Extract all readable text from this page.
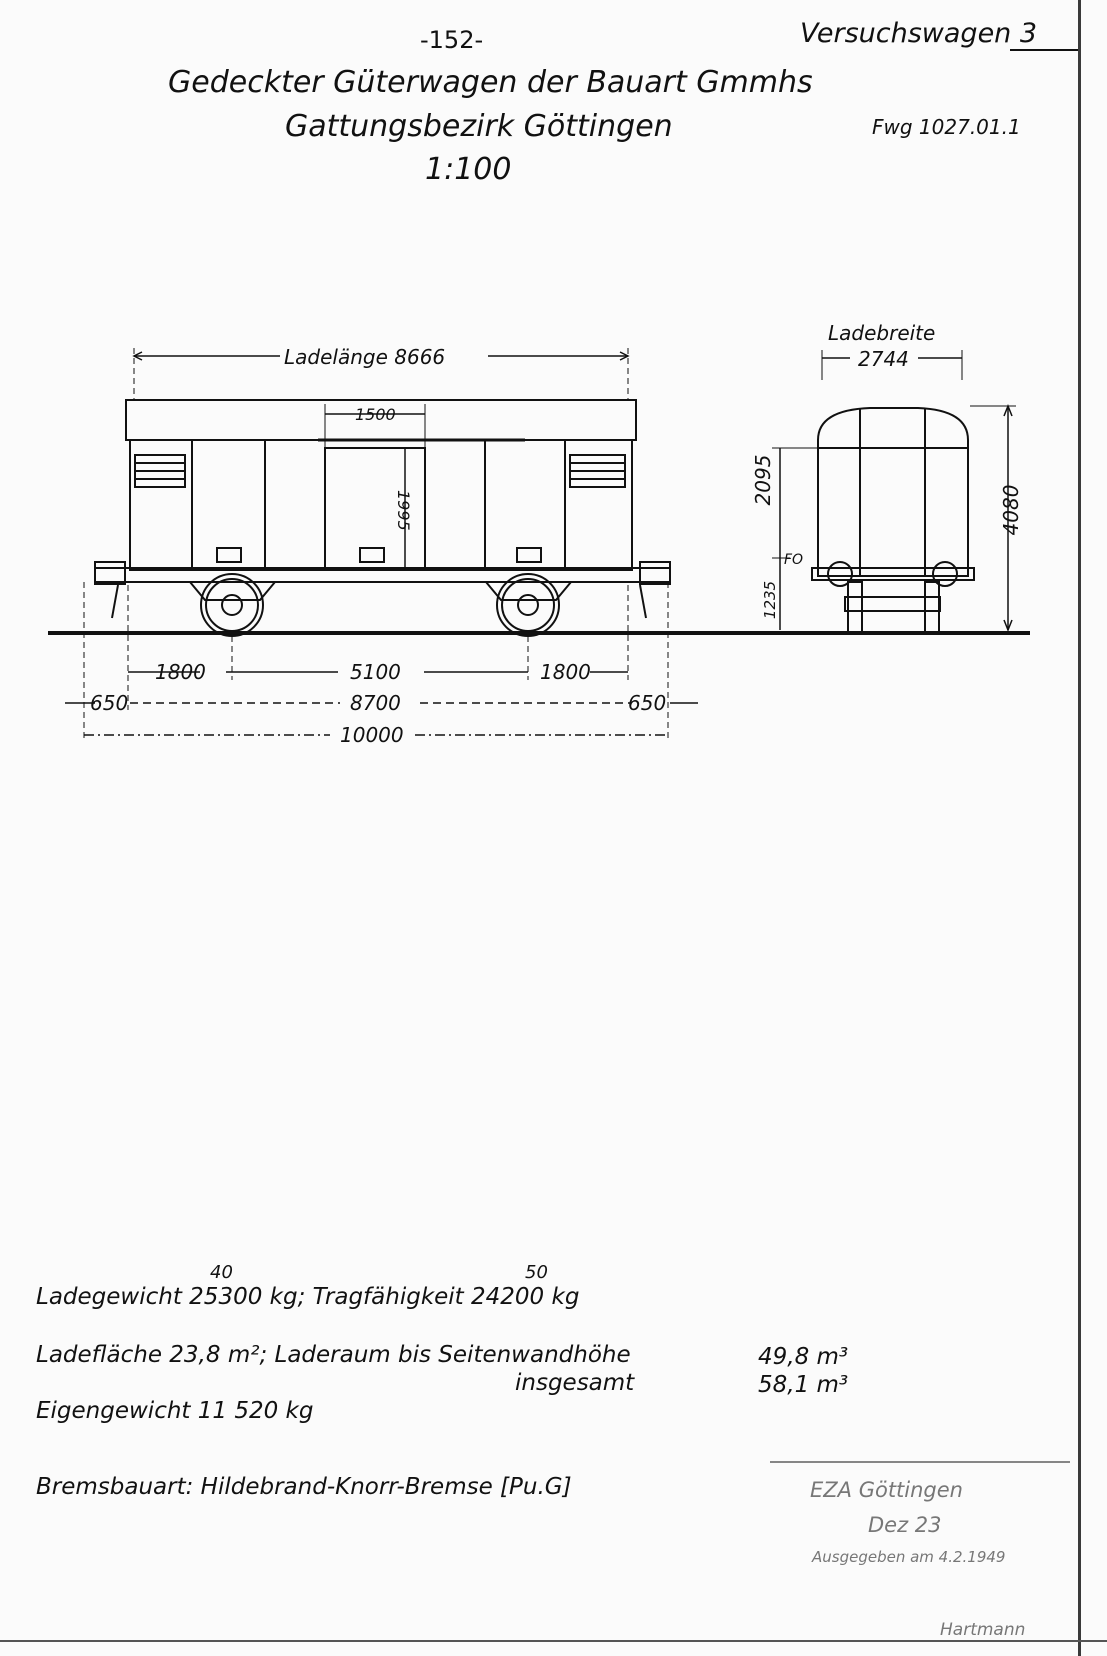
-152-	Versuchswagen 3
Gedeckter Güterwagen der Bauart Gmmhs
Gattungsbezirk Göttingen
1:100
Fwg 1027.01.1
Ladelänge 8666
1500
1995
1800	5100	1800
650	8700	650
10000
Ladebreite
2744
2095
FO
1235
4080
40	50
Ladegewicht 25300 kg; Tragfähigkeit 24200 kg
Ladefläche 23,8 m²; Laderaum bis Seitenwandhöhe	49,8 m³
insgesamt	58,1 m³
Eigengewicht 11 520 kg
Bremsbauart: Hildebrand-Knorr-Bremse [Pu.G]	EZA Göttingen
Dez 23
Ausgegeben am 4.2.1949
Hartmann
